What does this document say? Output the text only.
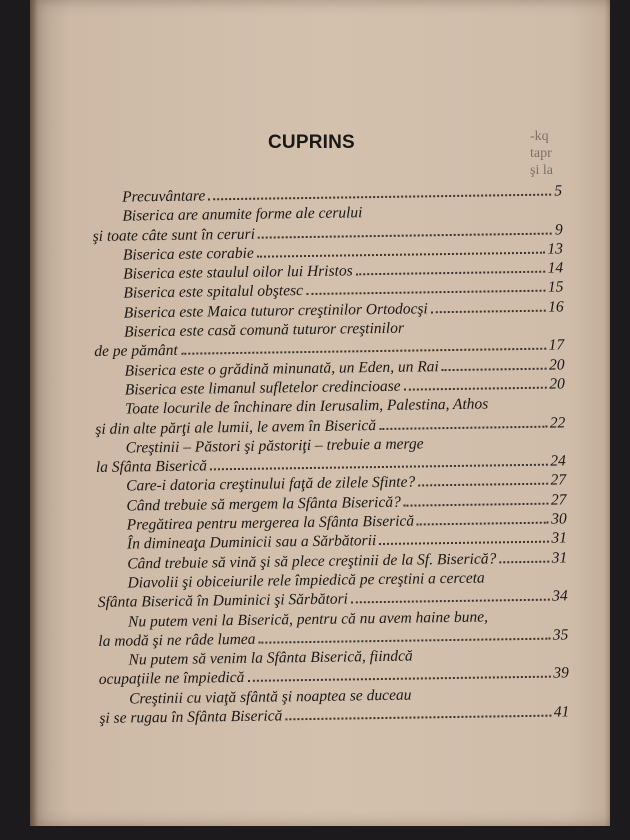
-kq
tapr
şi la
CUPRINS
Precuvântare	5
Biserica are anumite forme ale cerului
şi toate câte sunt în ceruri	9
Biserica este corabie	13
Biserica este staulul oilor lui Hristos	14
Biserica este spitalul obştesc	15
Biserica este Maica tuturor creştinilor Ortodocşi	16
Biserica este casă comună tuturor creştinilor
de pe pământ	17
Biserica este o grădină minunată, un Eden, un Rai	20
Biserica este limanul sufletelor credincioase	20
Toate locurile de închinare din Ierusalim, Palestina, Athos
şi din alte părţi ale lumii, le avem în Biserică	22
Creştinii – Păstori şi păstoriţi – trebuie a merge
la Sfânta Biserică	24
Care-i datoria creştinului faţă de zilele Sfinte?	27
Când trebuie să mergem la Sfânta Biserică?	27
Pregătirea pentru mergerea la Sfânta Biserică	30
În dimineaţa Duminicii sau a Sărbătorii	31
Când trebuie să vină şi să plece creştinii de la Sf. Biserică?	31
Diavolii şi obiceiurile rele împiedică pe creştini a cerceta
Sfânta Biserică în Duminici şi Sărbători	34
Nu putem veni la Biserică, pentru că nu avem haine bune,
la modă şi ne râde lumea	35
Nu putem să venim la Sfânta Biserică, fiindcă
ocupaţiile ne împiedică	39
Creştinii cu viaţă sfântă şi noaptea se duceau
şi se rugau în Sfânta Biserică	41
